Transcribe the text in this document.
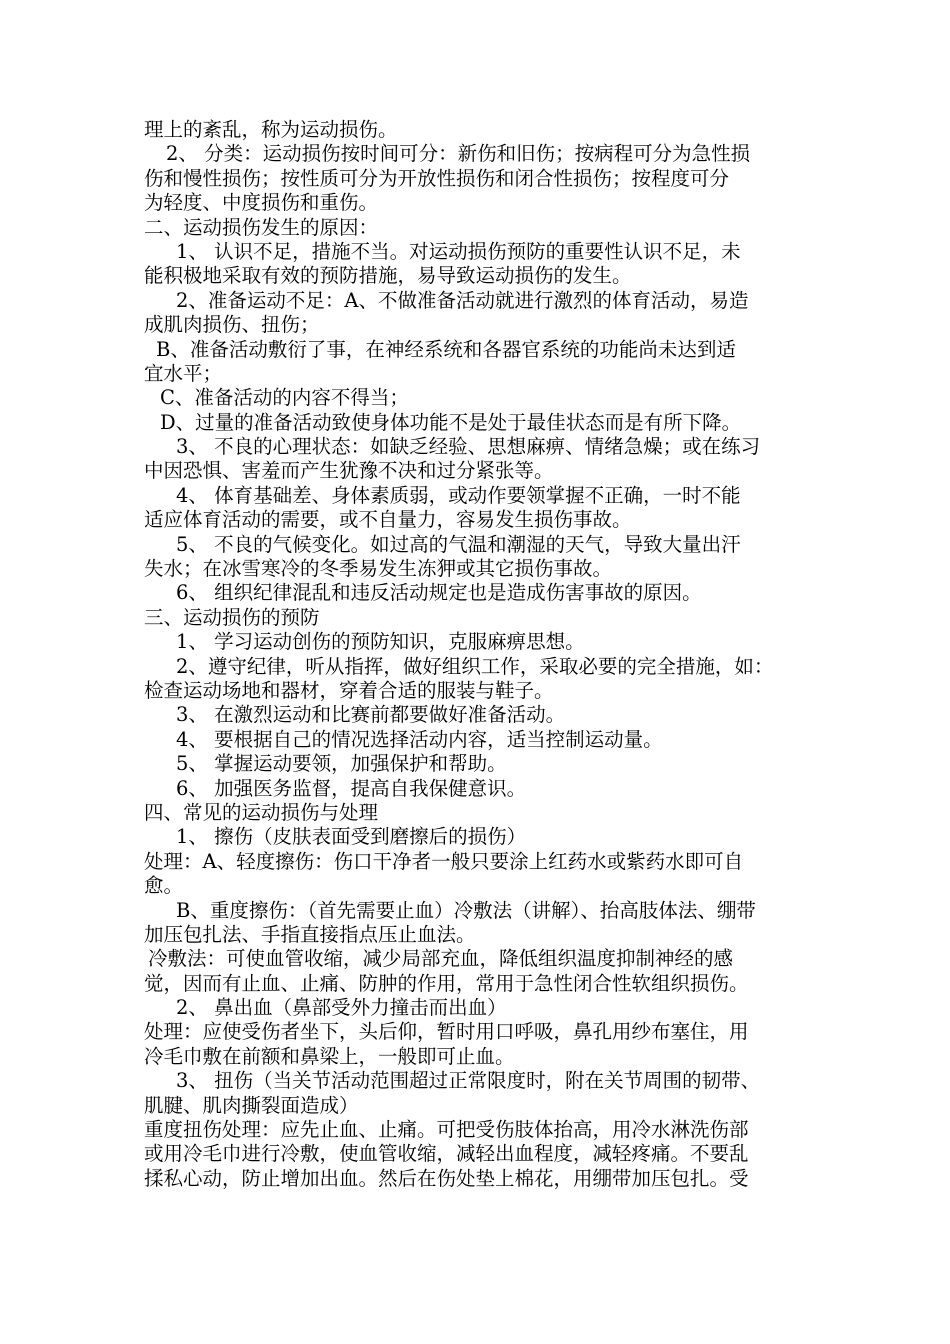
理上的紊乱，称为运动损伤。
2、 分类：运动损伤按时间可分：新伤和旧伤；按病程可分为急性损
伤和慢性损伤；按性质可分为开放性损伤和闭合性损伤；按程度可分
为轻度、中度损伤和重伤。
二、运动损伤发生的原因：
1、 认识不足，措施不当。对运动损伤预防的重要性认识不足，未
能积极地采取有效的预防措施，易导致运动损伤的发生。
2、准备运动不足：A、不做准备活动就进行激烈的体育活动，易造
成肌肉损伤、扭伤；
B、准备活动敷衍了事，在神经系统和各器官系统的功能尚未达到适
宜水平；
C、准备活动的内容不得当；
D、过量的准备活动致使身体功能不是处于最佳状态而是有所下降。
3、 不良的心理状态：如缺乏经验、思想麻痹、情绪急燥；或在练习
中因恐惧、害羞而产生犹豫不决和过分紧张等。
4、 体育基础差、身体素质弱，或动作要领掌握不正确，一时不能
适应体育活动的需要，或不自量力，容易发生损伤事故。
5、 不良的气候变化。如过高的气温和潮湿的天气，导致大量出汗
失水；在冰雪寒冷的冬季易发生冻狎或其它损伤事故。
6、 组织纪律混乱和违反活动规定也是造成伤害事故的原因。
三、运动损伤的预防
1、 学习运动创伤的预防知识，克服麻痹思想。
2、遵守纪律，听从指挥，做好组织工作，采取必要的完全措施，如：
检查运动场地和器材，穿着合适的服装与鞋子。
3、 在激烈运动和比赛前都要做好准备活动。
4、 要根据自己的情况选择活动内容，适当控制运动量。
5、 掌握运动要领，加强保护和帮助。
6、 加强医务监督，提高自我保健意识。
四、常见的运动损伤与处理
1、 擦伤（皮肤表面受到磨擦后的损伤）
处理：A、轻度擦伤：伤口干净者一般只要涂上红药水或紫药水即可自
愈。
B、重度擦伤：（首先需要止血）冷敷法（讲解）、抬高肢体法、绷带
加压包扎法、手指直接指点压止血法。
冷敷法：可使血管收缩，减少局部充血，降低组织温度抑制神经的感
觉，因而有止血、止痛、防肿的作用，常用于急性闭合性软组织损伤。
2、 鼻出血（鼻部受外力撞击而出血）
处理：应使受伤者坐下，头后仰，暂时用口呼吸，鼻孔用纱布塞住，用
冷毛巾敷在前额和鼻梁上，一般即可止血。
3、 扭伤（当关节活动范围超过正常限度时，附在关节周围的韧带、
肌腱、肌肉撕裂面造成）
重度扭伤处理：应先止血、止痛。可把受伤肢体抬高，用冷水淋洗伤部
或用冷毛巾进行冷敷，使血管收缩，减轻出血程度，减轻疼痛。不要乱
揉私心动，防止增加出血。然后在伤处垫上棉花，用绷带加压包扎。受
